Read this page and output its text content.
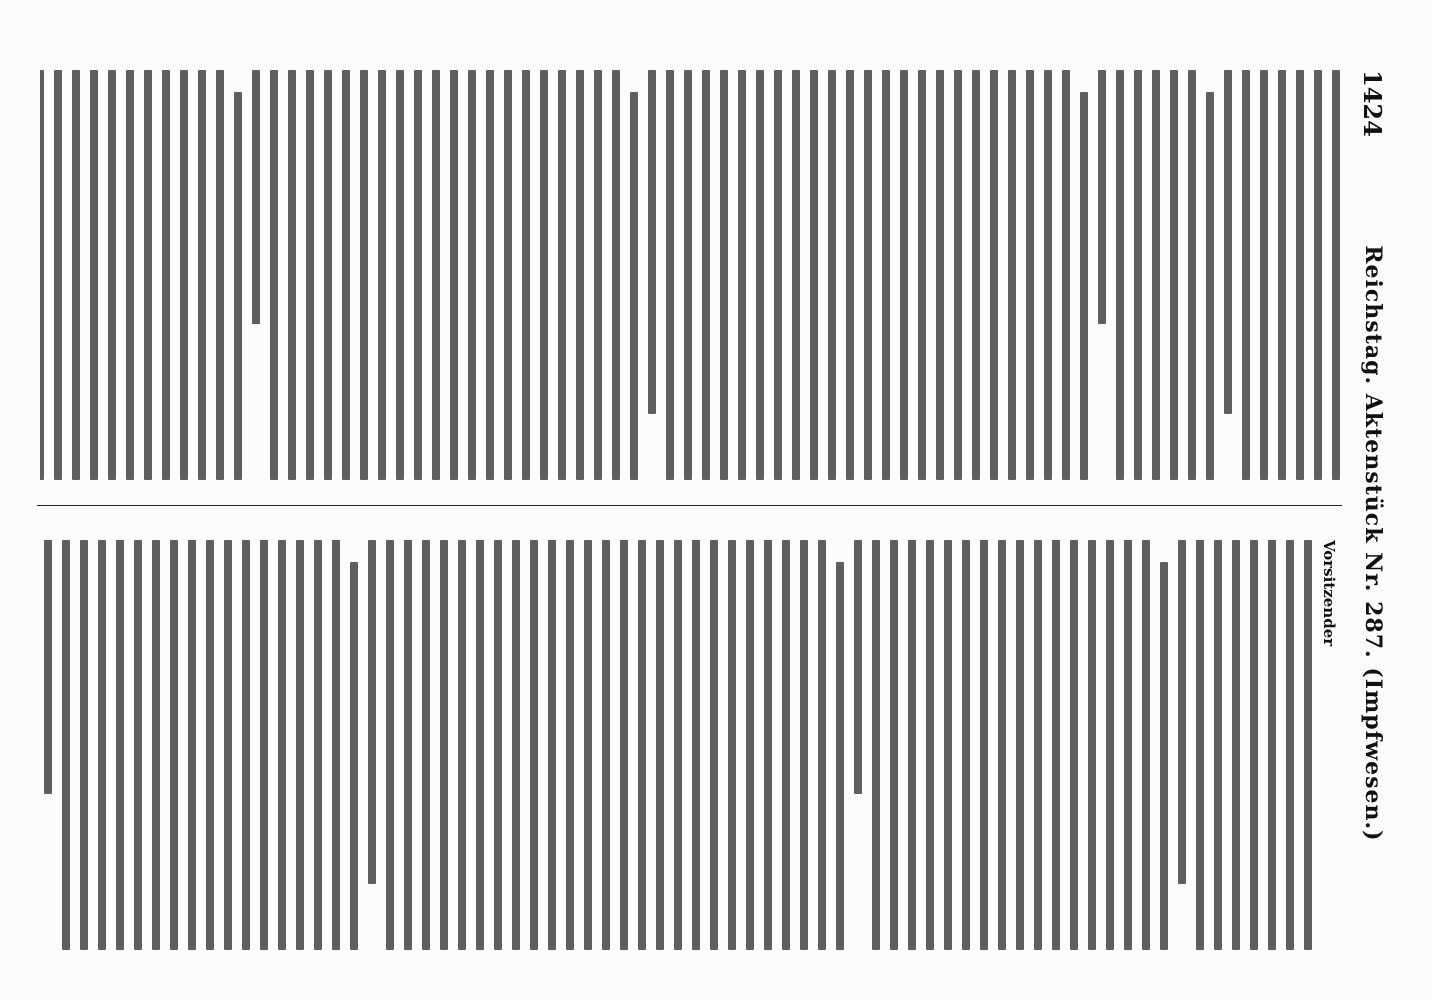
1424
Reichstag. Aktenstück Nr. 287. (Impfwesen.)
Vorsitzender
